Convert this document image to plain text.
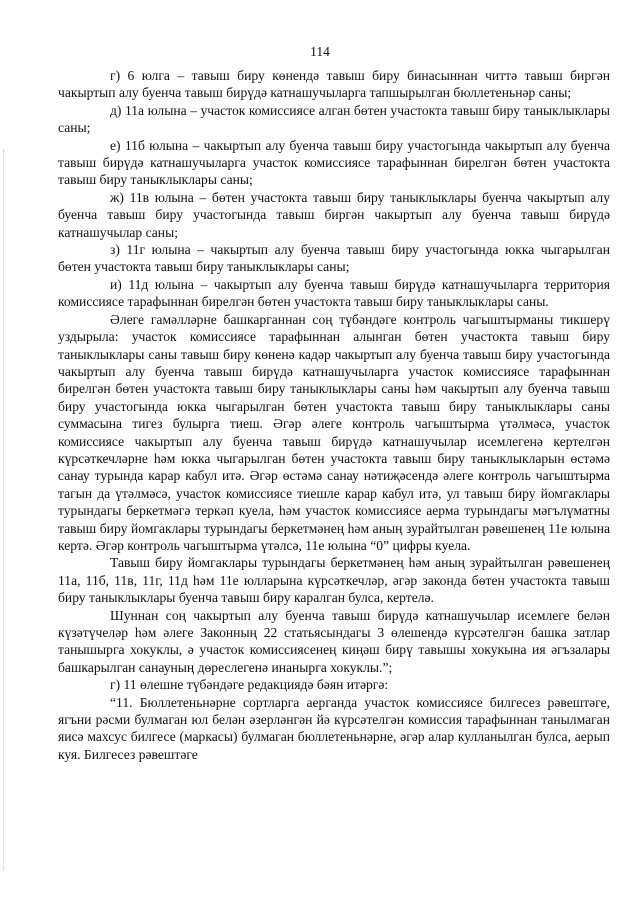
114

г) 6 юлга – тавыш биру көнендә тавыш биру бинасыннан читтә тавыш биргән чакыртып алу буенча тавыш бирүдә катнашучыларга тапшырылган бюллетеньнәр саны;

д) 11а юлына – участок комиссиясе алган бөтен участокта тавыш биру таныклыклары саны;

е) 11б юлына – чакыртып алу буенча тавыш биру участогында чакыртып алу буенча тавыш бирүдә катнашучыларга участок комиссиясе тарафыннан бирелгән бөтен участокта тавыш биру таныклыклары саны;

ж) 11в юлына – бөтен участокта тавыш биру таныклыклары буенча чакыртып алу буенча тавыш биру участогында тавыш биргән чакыртып алу буенча тавыш бирүдә катнашучылар саны;

з) 11г юлына – чакыртып алу буенча тавыш биру участогында юкка чыгарылган бөтен участокта тавыш биру таныклыклары саны;

и) 11д юлына – чакыртып алу буенча тавыш бирүдә катнашучыларга территория комиссиясе тарафыннан бирелгән бөтен участокта тавыш биру таныклыклары саны.

Әлеге гамәлләрне башкарганнан соң түбәндәге контроль чагыштырманы тикшерү уздырыла: участок комиссиясе тарафыннан алынган бөтен участокта тавыш биру таныклыклары саны тавыш биру көненә кадәр чакыртып алу буенча тавыш биру участогында чакыртып алу буенча тавыш бирүдә катнашучыларга участок комиссиясе тарафыннан бирелгән бөтен участокта тавыш биру таныклыклары саны һәм чакыртып алу буенча тавыш биру участогында юкка чыгарылган бөтен участокта тавыш биру таныклыклары саны суммасына тигез булырга тиеш. Әгәр әлеге контроль чагыштырма үтәлмәсә, участок комиссиясе чакыртып алу буенча тавыш бирүдә катнашучылар исемлегенә кертелгән күрсәткечләрне һәм юкка чыгарылган бөтен участокта тавыш биру таныклыкларын өстәмә санау турында карар кабул итә. Әгәр өстәмә санау нәтиҗәсендә әлеге контроль чагыштырма тагын да үтәлмәсә, участок комиссиясе тиешле карар кабул итә, ул тавыш биру йомгаклары турындагы беркетмәгә теркәп куела, һәм участок комиссиясе аерма турындагы мәгълүматны тавыш биру йомгаклары турындагы беркетмәнең һәм аның зурайтылган рәвешенең 11е юлына кертә. Әгәр контроль чагыштырма үтәлсә, 11е юлына “0” цифры куела.

Тавыш биру йомгаклары турындагы беркетмәнең һәм аның зурайтылган рәвешенең 11а, 11б, 11в, 11г, 11д һәм 11е юлларына күрсәткечләр, әгәр законда бөтен участокта тавыш биру таныклыклары буенча тавыш биру каралган булса, кертелә.

Шуннан соң чакыртып алу буенча тавыш бирүдә катнашучылар исемлеге белән күзәтүчеләр һәм әлеге Законның 22 статьясындагы 3 өлешендә күрсәтелгән башка затлар танышырга хокуклы, ә участок комиссиясенең киңәш бирү тавышы хокукына ия әгъзалары башкарылган санауның дөреслегенә инанырга хокуклы.”;

г) 11 өлешне түбәндәге редакциядә бәян итәргә:

“11. Бюллетеньнәрне сортларга аерганда участок комиссиясе билгесез рәвештәге, ягъни рәсми булмаган юл белән әзерләнгән йә күрсәтелгән комиссия тарафыннан танылмаган яисә махсус билгесе (маркасы) булмаган бюллетеньнәрне, әгәр алар кулланылган булса, аерып куя. Билгесез рәвештәге
